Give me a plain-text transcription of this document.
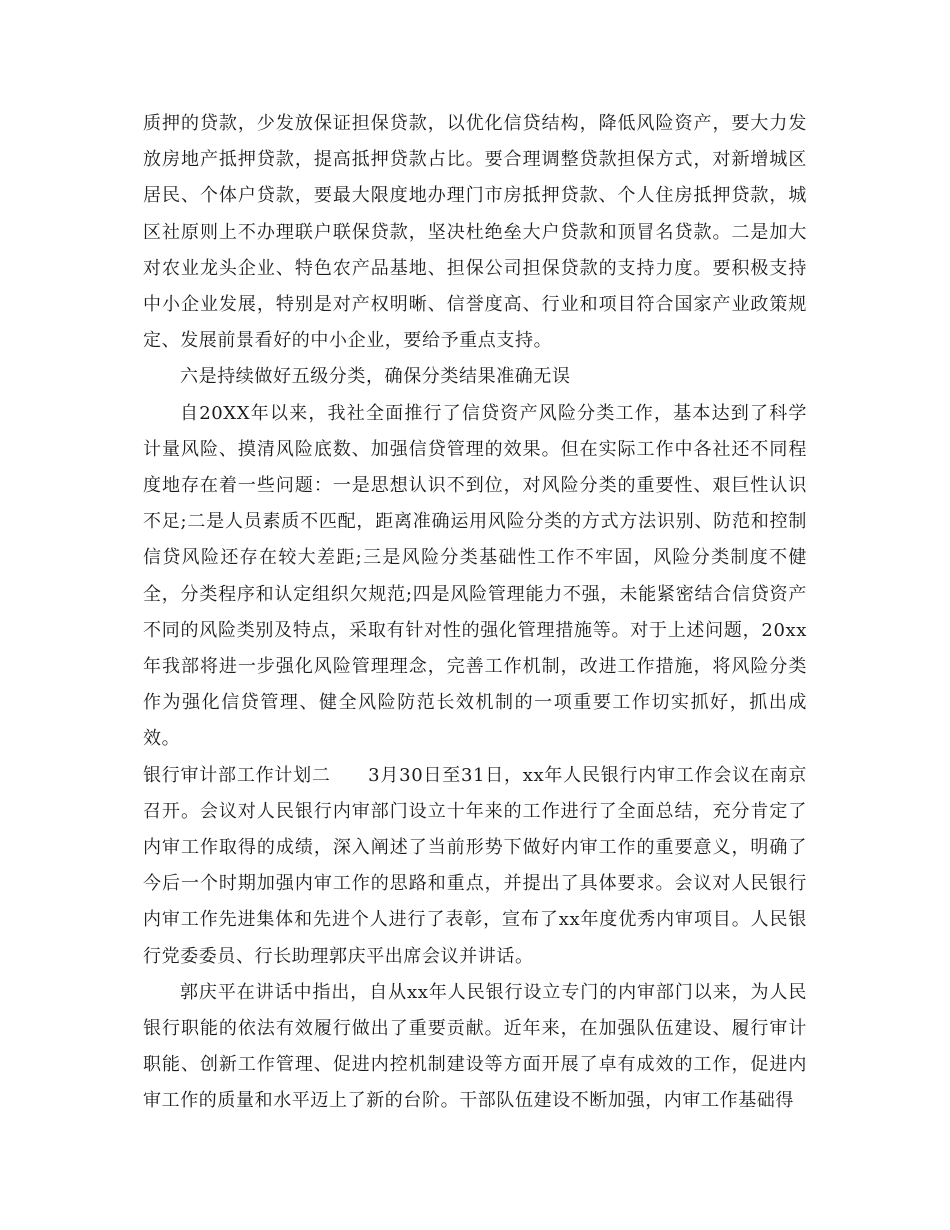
质押的贷款，少发放保证担保贷款，以优化信贷结构，降低风险资产，要大力发放房地产抵押贷款，提高抵押贷款占比。要合理调整贷款担保方式，对新增城区居民、个体户贷款，要最大限度地办理门市房抵押贷款、个人住房抵押贷款，城区社原则上不办理联户联保贷款，坚决杜绝垒大户贷款和顶冒名贷款。二是加大对农业龙头企业、特色农产品基地、担保公司担保贷款的支持力度。要积极支持中小企业发展，特别是对产权明晰、信誉度高、行业和项目符合国家产业政策规定、发展前景看好的中小企业，要给予重点支持。

六是持续做好五级分类，确保分类结果准确无误

自20XX年以来，我社全面推行了信贷资产风险分类工作，基本达到了科学计量风险、摸清风险底数、加强信贷管理的效果。但在实际工作中各社还不同程度地存在着一些问题：一是思想认识不到位，对风险分类的重要性、艰巨性认识不足;二是人员素质不匹配，距离准确运用风险分类的方式方法识别、防范和控制信贷风险还存在较大差距;三是风险分类基础性工作不牢固，风险分类制度不健全，分类程序和认定组织欠规范;四是风险管理能力不强，未能紧密结合信贷资产不同的风险类别及特点，采取有针对性的强化管理措施等。对于上述问题，20xx年我部将进一步强化风险管理理念，完善工作机制，改进工作措施，将风险分类作为强化信贷管理、健全风险防范长效机制的一项重要工作切实抓好，抓出成效。

银行审计部工作计划二　　3月30日至31日，xx年人民银行内审工作会议在南京召开。会议对人民银行内审部门设立十年来的工作进行了全面总结，充分肯定了内审工作取得的成绩，深入阐述了当前形势下做好内审工作的重要意义，明确了今后一个时期加强内审工作的思路和重点，并提出了具体要求。会议对人民银行内审工作先进集体和先进个人进行了表彰，宣布了xx年度优秀内审项目。人民银行党委委员、行长助理郭庆平出席会议并讲话。

郭庆平在讲话中指出，自从xx年人民银行设立专门的内审部门以来，为人民银行职能的依法有效履行做出了重要贡献。近年来，在加强队伍建设、履行审计职能、创新工作管理、促进内控机制建设等方面开展了卓有成效的工作，促进内审工作的质量和水平迈上了新的台阶。干部队伍建设不断加强，内审工作基础得
